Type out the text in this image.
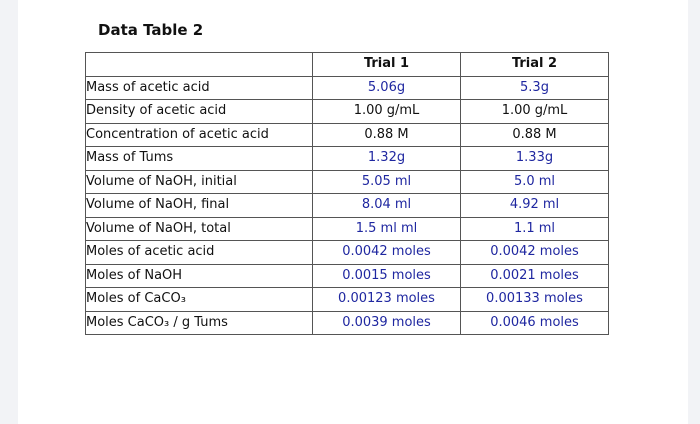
Data Table 2
	Trial 1	Trial 2
Mass of acetic acid	5.06g	5.3g
Density of acetic acid	1.00 g/mL	1.00 g/mL
Concentration of acetic acid	0.88 M	0.88 M
Mass of Tums	1.32g	1.33g
Volume of NaOH, initial	5.05 ml	5.0 ml
Volume of NaOH, final	8.04 ml	4.92 ml
Volume of NaOH, total	1.5 ml ml	1.1 ml
Moles of acetic acid	0.0042 moles	0.0042 moles
Moles of NaOH	0.0015 moles	0.0021 moles
Moles of CaCO₃	0.00123 moles	0.00133 moles
Moles CaCO₃ / g Tums	0.0039 moles	0.0046 moles
